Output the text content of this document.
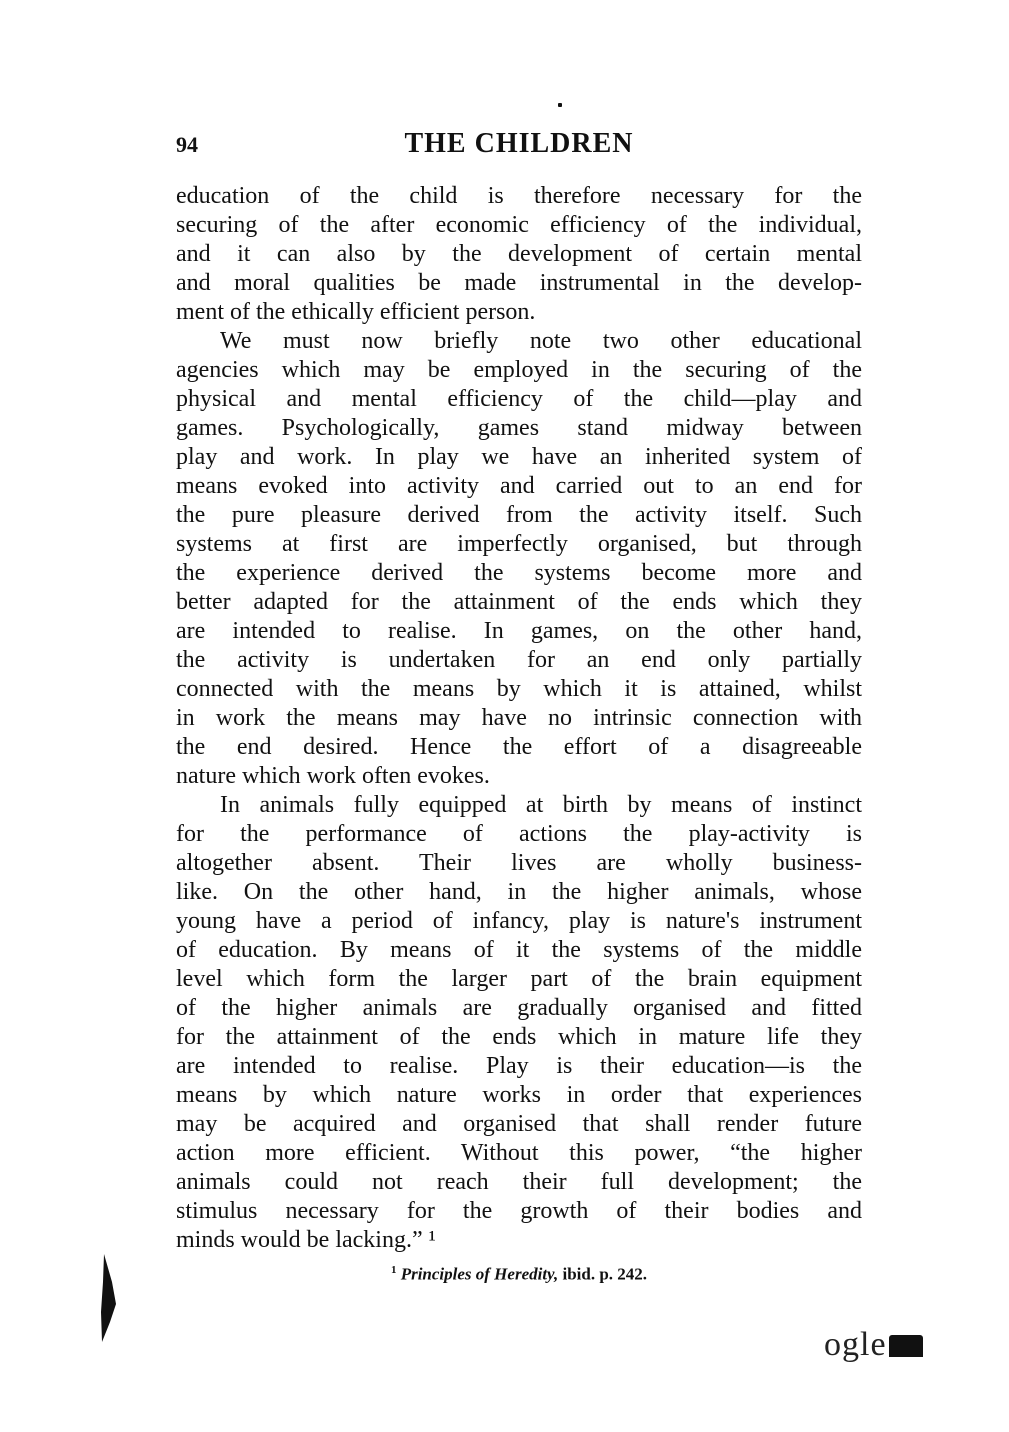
94	THE CHILDREN
education of the child is therefore necessary for the
securing of the after economic efficiency of the individual,
and it can also by the development of certain mental
and moral qualities be made instrumental in the develop-
ment of the ethically efficient person.
We must now briefly note two other educational
agencies which may be employed in the securing of the
physical and mental efficiency of the child—play and
games. Psychologically, games stand midway between
play and work. In play we have an inherited system of
means evoked into activity and carried out to an end for
the pure pleasure derived from the activity itself. Such
systems at first are imperfectly organised, but through
the experience derived the systems become more and
better adapted for the attainment of the ends which they
are intended to realise. In games, on the other hand,
the activity is undertaken for an end only partially
connected with the means by which it is attained, whilst
in work the means may have no intrinsic connection with
the end desired. Hence the effort of a disagreeable
nature which work often evokes.
In animals fully equipped at birth by means of instinct
for the performance of actions the play-activity is
altogether absent. Their lives are wholly business-
like. On the other hand, in the higher animals, whose
young have a period of infancy, play is nature's instrument
of education. By means of it the systems of the middle
level which form the larger part of the brain equipment
of the higher animals are gradually organised and fitted
for the attainment of the ends which in mature life they
are intended to realise. Play is their education—is the
means by which nature works in order that experiences
may be acquired and organised that shall render future
action more efficient. Without this power, “the higher
animals could not reach their full development; the
stimulus necessary for the growth of their bodies and
minds would be lacking.” ¹
$^1$ Principles of Heredity, ibid. p. 242.
ogle
